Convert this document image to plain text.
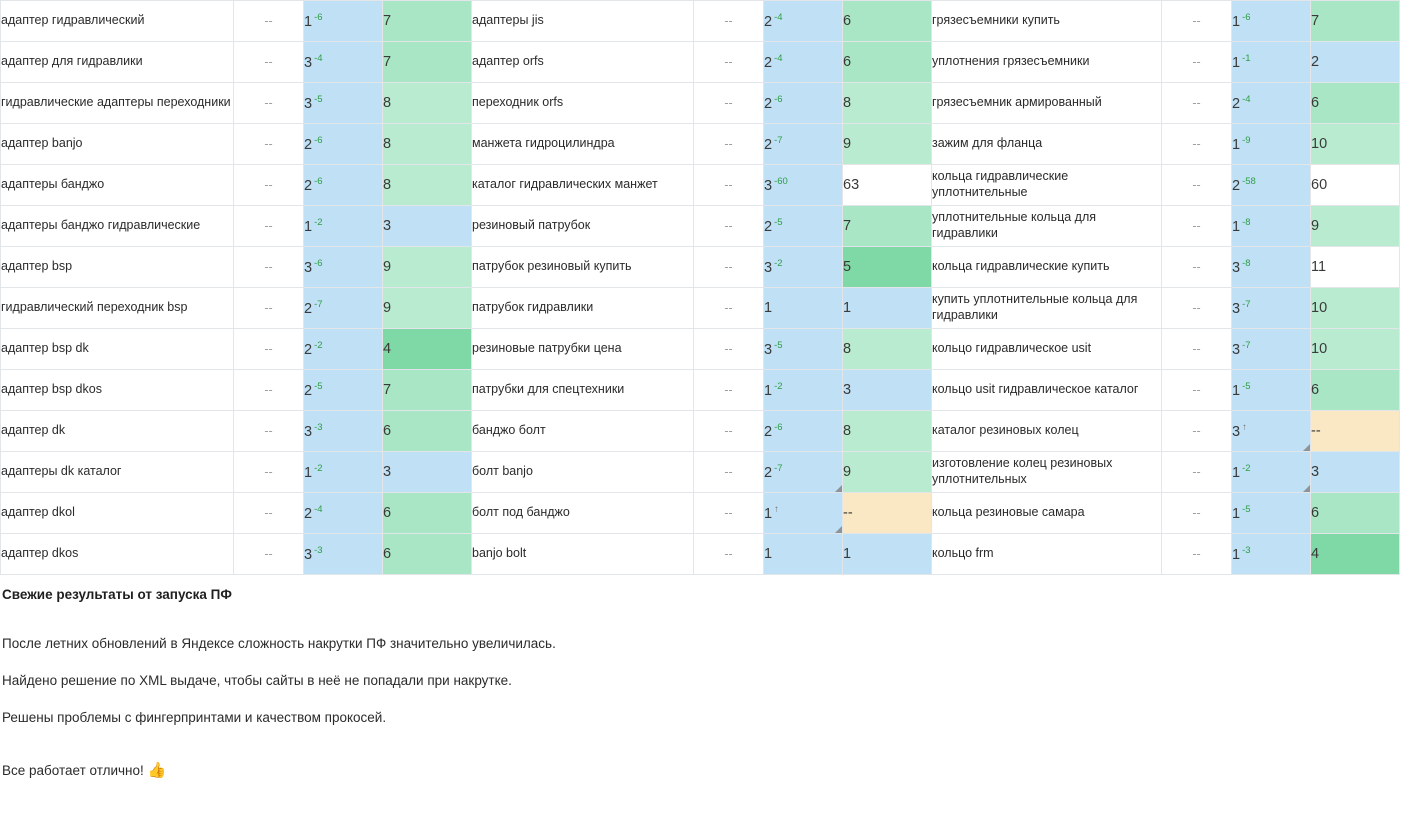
адаптер гидравлический	--	1 $^{-6}$	7	адаптеры jis	--	2 $^{-4}$	6	грязесъемники купить	--	1 $^{-6}$	7
адаптер для гидравлики	--	3 $^{-4}$	7	адаптер orfs	--	2 $^{-4}$	6	уплотнения грязесъемники	--	1 $^{-1}$	2
гидравлические адаптеры переходники	--	3 $^{-5}$	8	переходник orfs	--	2 $^{-6}$	8	грязесъемник армированный	--	2 $^{-4}$	6
адаптер banjo	--	2 $^{-6}$	8	манжета гидроцилиндра	--	2 $^{-7}$	9	зажим для фланца	--	1 $^{-9}$	10
адаптеры банджо	--	2 $^{-6}$	8	каталог гидравлических манжет	--	3 $^{-60}$	63	кольца гидравлические уплотнительные	--	2 $^{-58}$	60
адаптеры банджо гидравлические	--	1 $^{-2}$	3	резиновый патрубок	--	2 $^{-5}$	7	уплотнительные кольца для гидравлики	--	1 $^{-8}$	9
адаптер bsp	--	3 $^{-6}$	9	патрубок резиновый купить	--	3 $^{-2}$	5	кольца гидравлические купить	--	3 $^{-8}$	11
гидравлический переходник bsp	--	2 $^{-7}$	9	патрубок гидравлики	--	1	1	купить уплотнительные кольца для гидравлики	--	3 $^{-7}$	10
адаптер bsp dk	--	2 $^{-2}$	4	резиновые патрубки цена	--	3 $^{-5}$	8	кольцо гидравлическое usit	--	3 $^{-7}$	10
адаптер bsp dkos	--	2 $^{-5}$	7	патрубки для спецтехники	--	1 $^{-2}$	3	кольцо usit гидравлическое каталог	--	1 $^{-5}$	6
адаптер dk	--	3 $^{-3}$	6	банджо болт	--	2 $^{-6}$	8	каталог резиновых колец	--	3 ↑	--
адаптеры dk каталог	--	1 $^{-2}$	3	болт banjo	--	2 $^{-7}$	9	изготовление колец резиновых уплотнительных	--	1 $^{-2}$	3
адаптер dkol	--	2 $^{-4}$	6	болт под банджо	--	1 ↑	--	кольца резиновые самара	--	1 $^{-5}$	6
адаптер dkos	--	3 $^{-3}$	6	banjo bolt	--	1	1	кольцо frm	--	1 $^{-3}$	4
Свежие результаты от запуска ПФ

После летних обновлений в Яндексе сложность накрутки ПФ значительно увеличилась.

Найдено решение по XML выдаче, чтобы сайты в неё не попадали при накрутке.

Решены проблемы с фингерпринтами и качеством прокосей.

Все работает отлично! 👍
